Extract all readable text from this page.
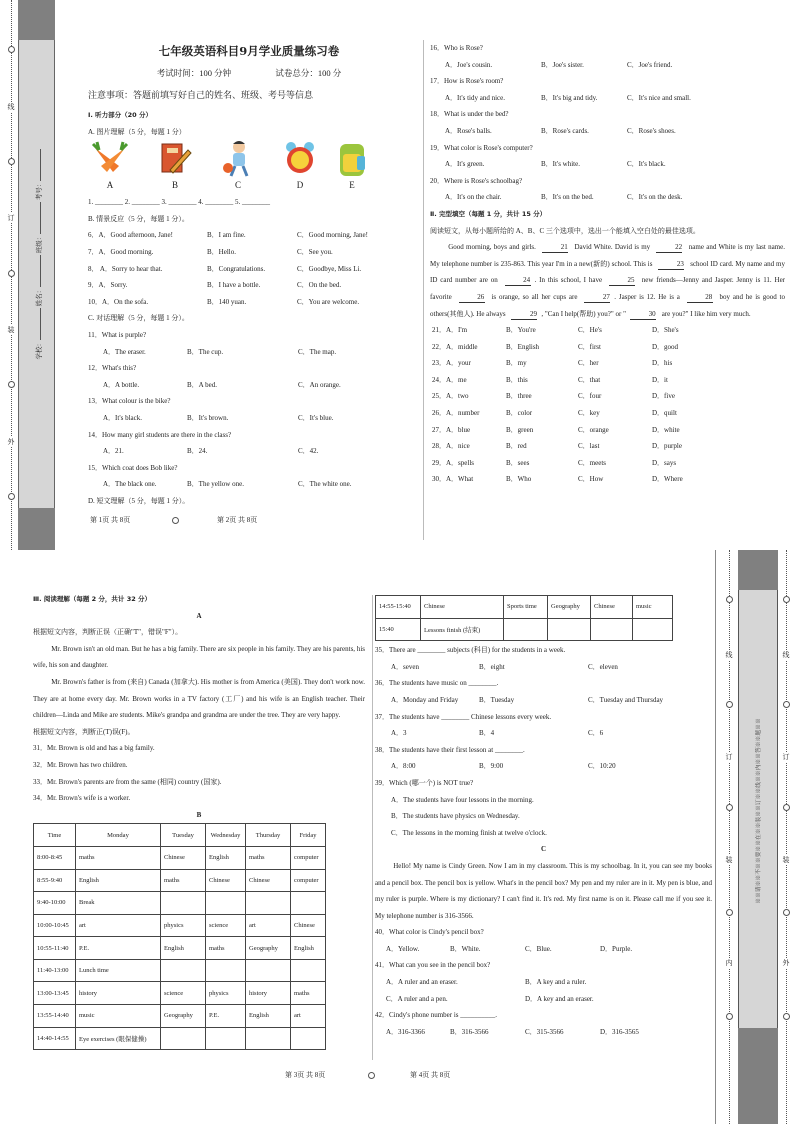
线
订
装
外
学校： 姓名： 班级： 考号：
七年级英语科目9月学业质量练习卷
考试时间：100 分钟	试卷总分：100 分
注意事项：答题前填写好自己的姓名、班级、考号等信息
Ⅰ. 听力部分（20 分）
A. 图片理解（5 分，每题 1 分）
A	B	C	D	E
1. ________ 2. ________ 3. ________ 4. ________ 5. ________
B. 情景反应（5 分，每题 1 分）。
6．A．Good afternoon, Jane!	B．I am fine.	C．Good morning, Jane!
7．A．Good morning.	B．Hello.	C．See you.
8． A．Sorry to hear that.	B．Congratulations.	C．Goodbye, Miss Li.
9．A．Sorry.	B．I have a bottle.	C．On the bed.
10．A．On the sofa.	B．140 yuan.	C．You are welcome.
C. 对话理解（5 分，每题 1 分）。
11．What is purple?
A．The eraser.	B．The cup.	C．The map.
12．What's this?
A．A bottle.	B．A bed.	C．An orange.
13．What colour is the bike?
A．It's black.	B．It's brown.	C．It's blue.
14．How many girl students are there in the class?
A．21.	B．24.	C．42.
15．Which coat does Bob like?
A．The black one.	B．The yellow one.	C．The white one.
D. 短文理解（5 分，每题 1 分）。
第 1页 共 8页	第 2页 共 8页
16．Who is Rose?
A．Joe's cousin.	B．Joe's sister.	C．Joe's friend.
17．How is Rose's room?
A．It's tidy and nice.	B．It's big and tidy.	C．It's nice and small.
18．What is under the bed?
A．Rose's balls.	B．Rose's cards.	C．Rose's shoes.
19．What color is Rose's computer?
A．It's green.	B．It's white.	C．It's black.
20．Where is Rose's schoolbag?
A．It's on the chair.	B．It's on the bed.	C．It's on the desk.
Ⅱ. 完型填空（每题 1 分，共计 15 分）
阅读短文，从每小题所给的 A、B、C 三个选项中，选出一个能填入空白处的最佳选项。
Good morning, boys and girls.	21 David White. David is my	22 name and White is my last name. My telephone number is 235-863. This year I'm in a new(新的) school. This is	23 school ID card. My name and my ID card number are on	24 . In this school, I have	25 new friends—Jenny and Jasper. Jenny is 11. Her favorite	26 is orange, so all her cups are	27 . Jasper is 12. He is a	28 boy and he is good to others(其他人). He always	29 , "Can I help(帮助) you?" or "	30 are you?" I like him very much.
21．A．I'm	B．You're	C．He's	D．She's
22．A．middle	B．English	C．first	D．good
23．A．your	B．my	C．her	D．his
24．A．me	B．this	C．that	D．it
25．A．two	B．three	C．four	D．five
26．A．number	B．color	C．key	D．quilt
27．A．blue	B．green	C．orange	D．white
28．A．nice	B．red	C．last	D．purple
29．A．spells	B．sees	C．meets	D．says
30．A．What	B．Who	C．How	D．Where
Ⅲ. 阅读理解（每题 2 分，共计 32 分）
A
根据短文内容，判断正误（正确"T"，错误"F"）。
Mr. Brown isn't an old man. But he has a big family. There are six people in his family. They are his parents, his wife, his son and daughter.
Mr. Brown's father is from (来自) Canada (加拿大). His mother is from America (美国). They don't work now. They are at home every day. Mr. Brown works in a TV factory (工厂) and his wife is an English teacher. Their children—Linda and Mike are students. Mike's grandpa and grandma are under the tree. They are very happy.
根据短文内容，判断正(T)误(F)。
31．Mr. Brown is old and has a big family.
32．Mr. Brown has two children.
33．Mr. Brown's parents are from the same (相同) country (国家).
34．Mr. Brown's wife is a worker.
B
Time	Monday	Tuesday	Wednesday	Thursday	Friday
8:00-8:45	maths	Chinese	English	maths	computer
8:55-9:40	English	maths	Chinese	Chinese	computer
9:40-10:00	Break				
10:00-10:45	art	physics	science	art	Chinese
10:55-11:40	P.E.	English	maths	Geography	English
11:40-13:00	Lunch time				
13:00-13:45	history	science	physics	history	maths
13:55-14:40	music	Geography	P.E.	English	art
14:40-14:55	Eye exercises (眼保健操)				
第 3页 共 8页	第 4页 共 8页
14:55-15:40	Chinese	Sports time	Geography	Chinese	music
15:40	Lessons finish (结束)				
35．There are ________ subjects (科目) for the students in a week.
A．seven	B．eight	C．eleven
36．The students have music on ________.
A．Monday and Friday	B．Tuesday	C．Tuesday and Thursday
37．The students have ________ Chinese lessons every week.
A．3	B．4	C．6
38．The students have their first lesson at ________.
A．8:00	B．9:00	C．10:20
39．Which (哪一个) is NOT true?
A．The students have four lessons in the morning.
B．The students have physics on Wednesday.
C．The lessons in the morning finish at twelve o'clock.
C
Hello! My name is Cindy Green. Now I am in my classroom. This is my schoolbag. In it, you can see my books and a pencil box. The pencil box is yellow. What's in the pencil box? My pen and my ruler are in it. My pen is blue, and my ruler is purple. Where is my dictionary? I can't find it. It's red. My first name is on it. Please call me if you see it. My telephone number is 316-3566.
40．What color is Cindy's pencil box?
A．Yellow.	B．White.	C．Blue.	D．Purple.
41．What can you see in the pencil box?
A．A ruler and an eraser.	B．A key and a ruler.
C．A ruler and a pen.	D．A key and an eraser.
42．Cindy's phone number is __________.
A．316-3366	B．316-3566	C．315-3566	D．316-3565
线
订
装
内
线
订
装
外
※※请※※不※※要※※在※※装※※订※※线※※内※※答※※题※※
